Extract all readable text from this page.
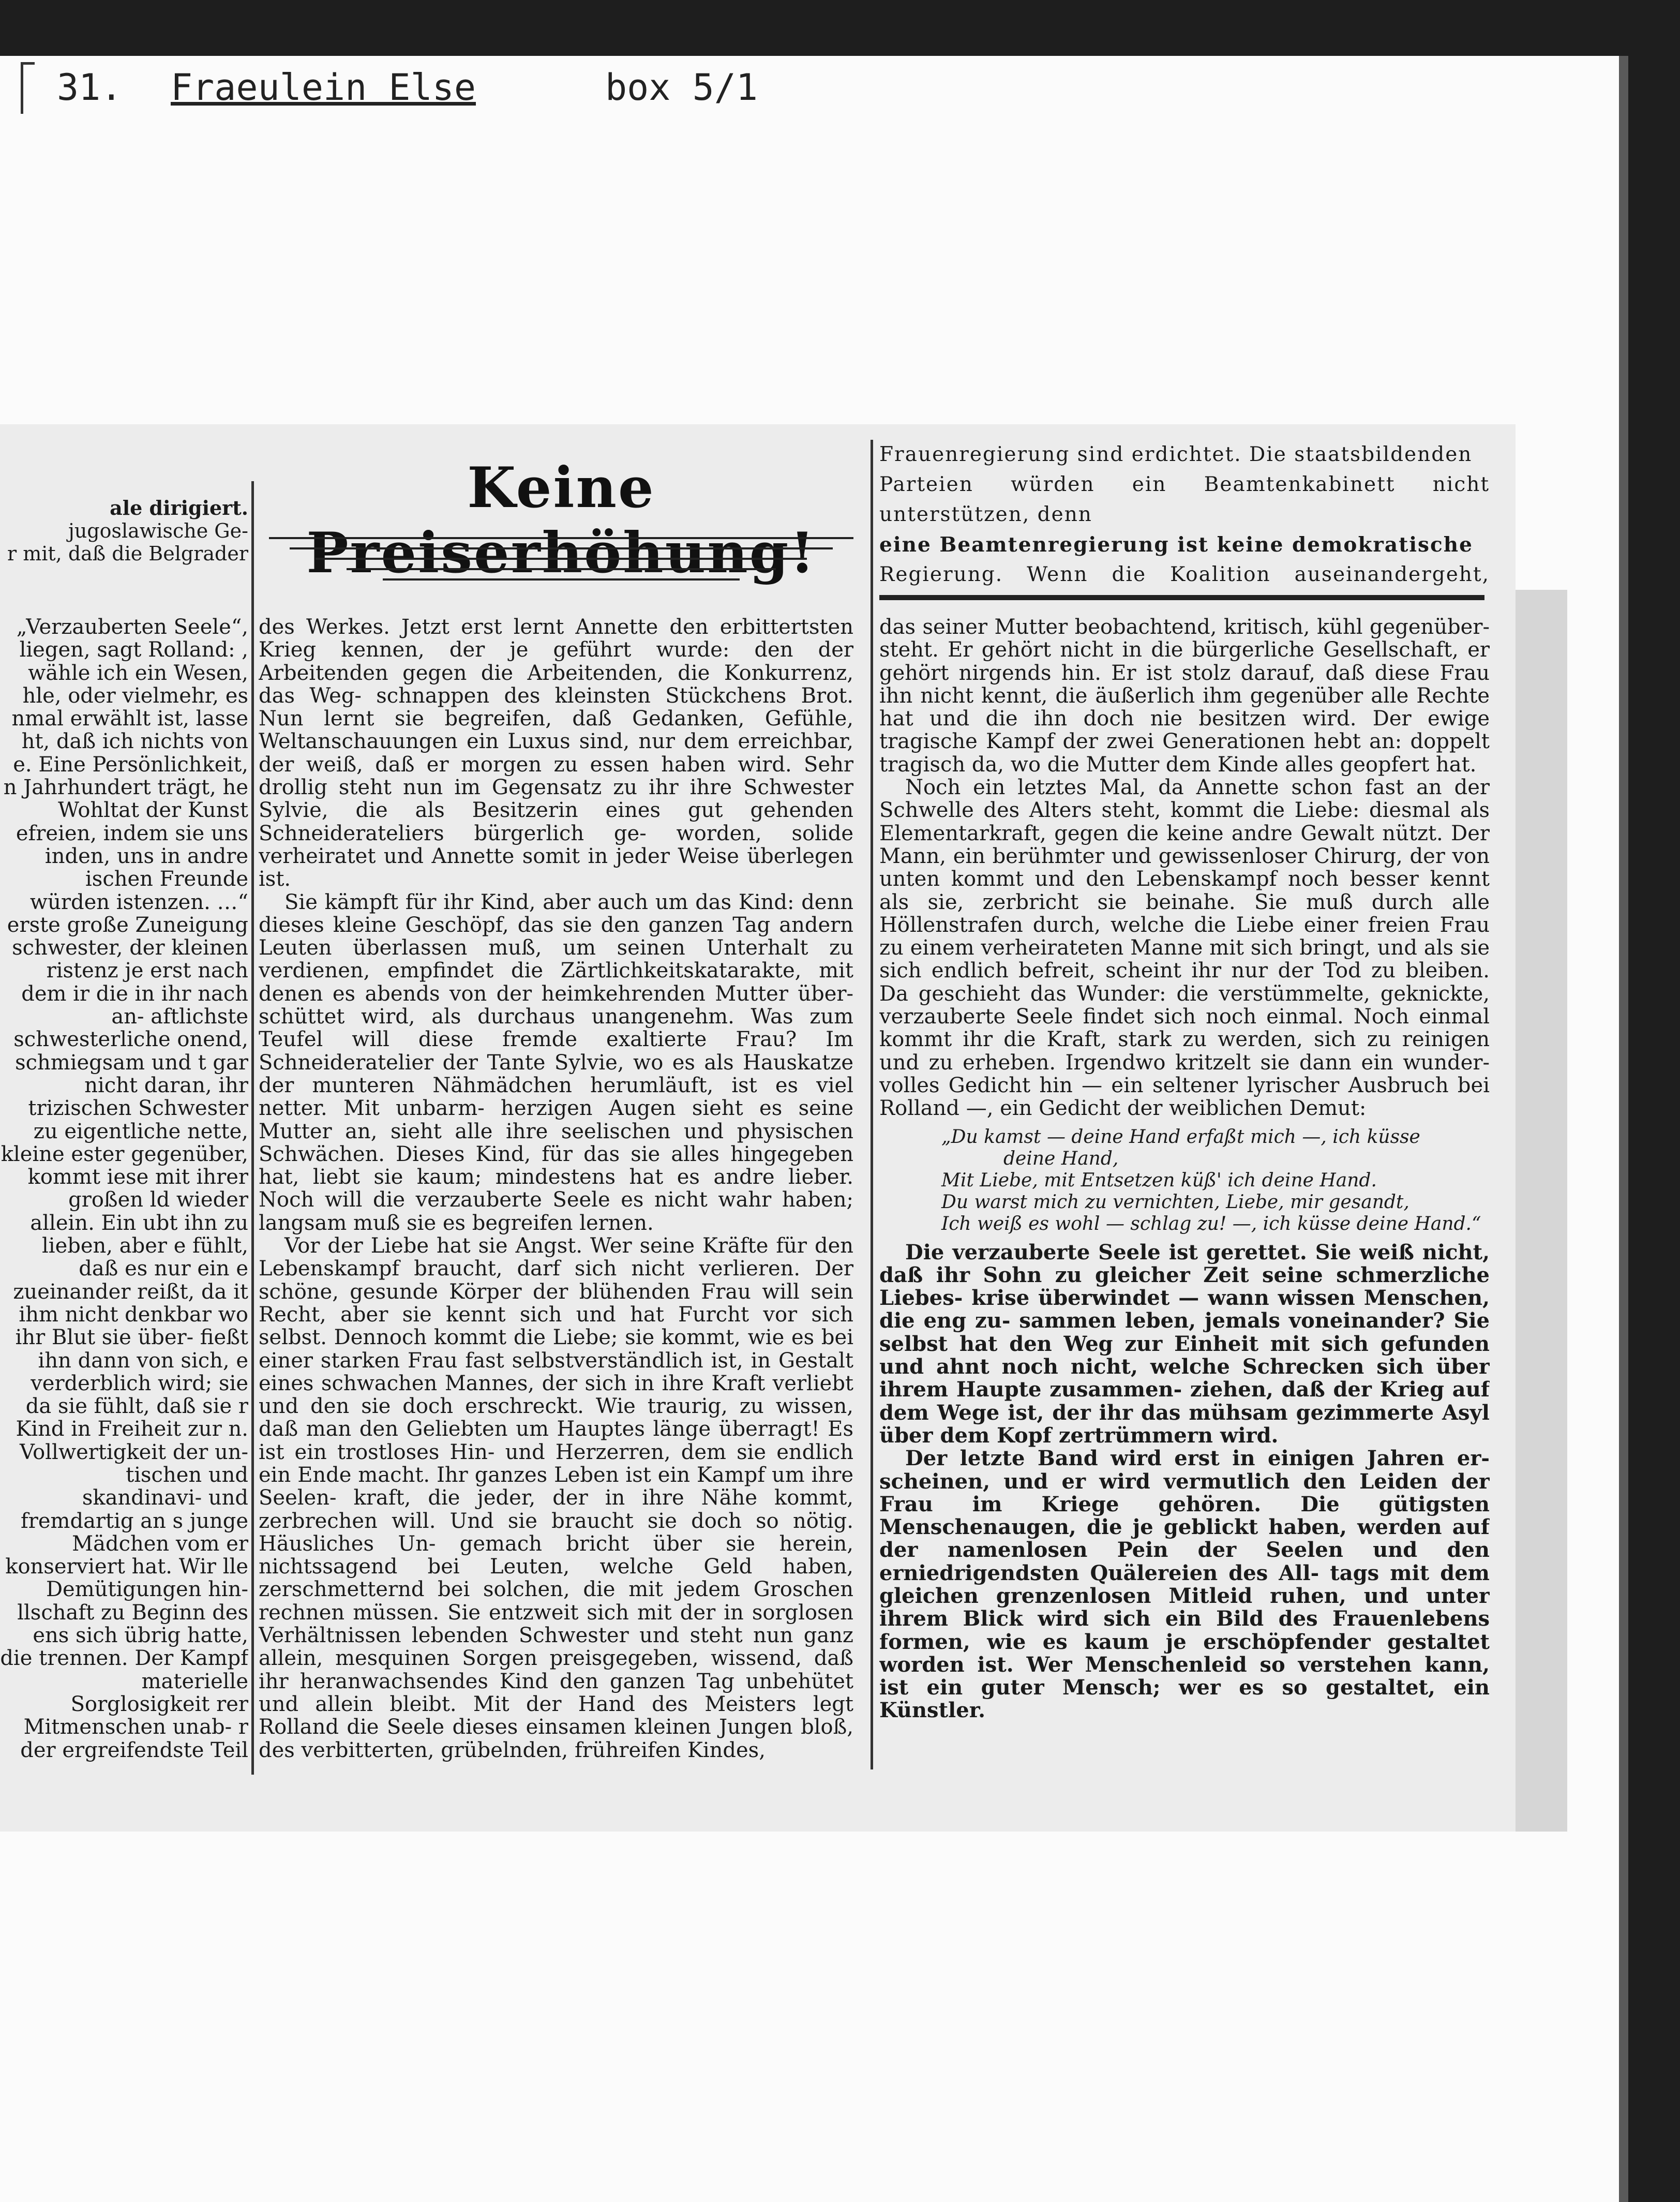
31. Fraeulein Else	box 5/1

ale dirigiert.

jugoslawische Ge-

r mit, daß die Belgrader

„Verzauberten Seele“, liegen, sagt Rolland: , wähle ich ein Wesen, hle, oder vielmehr, es nmal erwählt ist, lasse ht, daß ich nichts von e. Eine Persönlichkeit, n Jahrhundert trägt, he Wohltat der Kunst efreien, indem sie uns inden, uns in andre ischen Freunde würden istenzen. …“ erste große Zuneigung schwester, der kleinen ristenz je erst nach dem ir die in ihr nach an- aftlichste schwesterliche onend, schmiegsam und t gar nicht daran, ihr trizischen Schwester zu eigentliche nette, kleine ester gegenüber, kommt iese mit ihrer großen ld wieder allein. Ein ubt ihn zu lieben, aber e fühlt, daß es nur ein e zueinander reißt, da it ihm nicht denkbar wo ihr Blut sie über- fießt ihn dann von sich, e verderblich wird; sie da sie fühlt, daß sie r Kind in Freiheit zur n. Vollwertigkeit der un- tischen und skandinavi- und fremdartig an s junge Mädchen vom er konserviert hat. Wir lle Demütigungen hin- llschaft zu Beginn des ens sich übrig hatte, die trennen. Der Kampf materielle Sorglosigkeit rer Mitmenschen unab- r der ergreifendste Teil

Keine Preiserhöhung!

des Werkes. Jetzt erst lernt Annette den erbittertsten Krieg kennen, der je geführt wurde: den der Arbeitenden gegen die Arbeitenden, die Konkurrenz, das Weg- schnappen des kleinsten Stückchens Brot. Nun lernt sie begreifen, daß Gedanken, Gefühle, Weltanschauungen ein Luxus sind, nur dem erreichbar, der weiß, daß er morgen zu essen haben wird. Sehr drollig steht nun im Gegensatz zu ihr ihre Schwester Sylvie, die als Besitzerin eines gut gehenden Schneiderateliers bürgerlich ge- worden, solide verheiratet und Annette somit in jeder Weise überlegen ist.

Sie kämpft für ihr Kind, aber auch um das Kind: denn dieses kleine Geschöpf, das sie den ganzen Tag andern Leuten überlassen muß, um seinen Unterhalt zu verdienen, empfindet die Zärtlichkeitskatarakte, mit denen es abends von der heimkehrenden Mutter über- schüttet wird, als durchaus unangenehm. Was zum Teufel will diese fremde exaltierte Frau? Im Schneideratelier der Tante Sylvie, wo es als Hauskatze der munteren Nähmädchen herumläuft, ist es viel netter. Mit unbarm- herzigen Augen sieht es seine Mutter an, sieht alle ihre seelischen und physischen Schwächen. Dieses Kind, für das sie alles hingegeben hat, liebt sie kaum; mindestens hat es andre lieber. Noch will die verzauberte Seele es nicht wahr haben; langsam muß sie es begreifen lernen.

Vor der Liebe hat sie Angst. Wer seine Kräfte für den Lebenskampf braucht, darf sich nicht verlieren. Der schöne, gesunde Körper der blühenden Frau will sein Recht, aber sie kennt sich und hat Furcht vor sich selbst. Dennoch kommt die Liebe; sie kommt, wie es bei einer starken Frau fast selbstverständlich ist, in Gestalt eines schwachen Mannes, der sich in ihre Kraft verliebt und den sie doch erschreckt. Wie traurig, zu wissen, daß man den Geliebten um Hauptes länge überragt! Es ist ein trostloses Hin- und Herzerren, dem sie endlich ein Ende macht. Ihr ganzes Leben ist ein Kampf um ihre Seelen- kraft, die jeder, der in ihre Nähe kommt, zerbrechen will. Und sie braucht sie doch so nötig. Häusliches Un- gemach bricht über sie herein, nichtssagend bei Leuten, welche Geld haben, zerschmetternd bei solchen, die mit jedem Groschen rechnen müssen. Sie entzweit sich mit der in sorglosen Verhältnissen lebenden Schwester und steht nun ganz allein, mesquinen Sorgen preisgegeben, wissend, daß ihr heranwachsendes Kind den ganzen Tag unbehütet und allein bleibt. Mit der Hand des Meisters legt Rolland die Seele dieses einsamen kleinen Jungen bloß, des verbitterten, grübelnden, frühreifen Kindes,

Frauenregierung sind erdichtet. Die staatsbildenden

Parteien würden ein Beamtenkabinett nicht unterstützen, denn

eine Beamtenregierung ist keine demokratische

Regierung. Wenn die Koalition auseinandergeht,

das seiner Mutter beobachtend, kritisch, kühl gegenüber- steht. Er gehört nicht in die bürgerliche Gesellschaft, er gehört nirgends hin. Er ist stolz darauf, daß diese Frau ihn nicht kennt, die äußerlich ihm gegenüber alle Rechte hat und die ihn doch nie besitzen wird. Der ewige tragische Kampf der zwei Generationen hebt an: doppelt tragisch da, wo die Mutter dem Kinde alles geopfert hat.

Noch ein letztes Mal, da Annette schon fast an der Schwelle des Alters steht, kommt die Liebe: diesmal als Elementarkraft, gegen die keine andre Gewalt nützt. Der Mann, ein berühmter und gewissenloser Chirurg, der von unten kommt und den Lebenskampf noch besser kennt als sie, zerbricht sie beinahe. Sie muß durch alle Höllenstrafen durch, welche die Liebe einer freien Frau zu einem verheirateten Manne mit sich bringt, und als sie sich endlich befreit, scheint ihr nur der Tod zu bleiben. Da geschieht das Wunder: die verstümmelte, geknickte, verzauberte Seele findet sich noch einmal. Noch einmal kommt ihr die Kraft, stark zu werden, sich zu reinigen und zu erheben. Irgendwo kritzelt sie dann ein wunder- volles Gedicht hin — ein seltener lyrischer Ausbruch bei Rolland —, ein Gedicht der weiblichen Demut:

„Du kamst — deine Hand erfaßt mich —, ich küsse
deine Hand,
Mit Liebe, mit Entsetzen küß' ich deine Hand.
Du warst mich zu vernichten, Liebe, mir gesandt,
Ich weiß es wohl — schlag zu! —, ich küsse deine Hand.“

Die verzauberte Seele ist gerettet. Sie weiß nicht, daß ihr Sohn zu gleicher Zeit seine schmerzliche Liebes- krise überwindet — wann wissen Menschen, die eng zu- sammen leben, jemals voneinander? Sie selbst hat den Weg zur Einheit mit sich gefunden und ahnt noch nicht, welche Schrecken sich über ihrem Haupte zusammen- ziehen, daß der Krieg auf dem Wege ist, der ihr das mühsam gezimmerte Asyl über dem Kopf zertrümmern wird.

Der letzte Band wird erst in einigen Jahren er- scheinen, und er wird vermutlich den Leiden der Frau im Kriege gehören. Die gütigsten Menschenaugen, die je geblickt haben, werden auf der namenlosen Pein der Seelen und den erniedrigendsten Quälereien des All- tags mit dem gleichen grenzenlosen Mitleid ruhen, und unter ihrem Blick wird sich ein Bild des Frauenlebens formen, wie es kaum je erschöpfender gestaltet worden ist. Wer Menschenleid so verstehen kann, ist ein guter Mensch; wer es so gestaltet, ein Künstler.
